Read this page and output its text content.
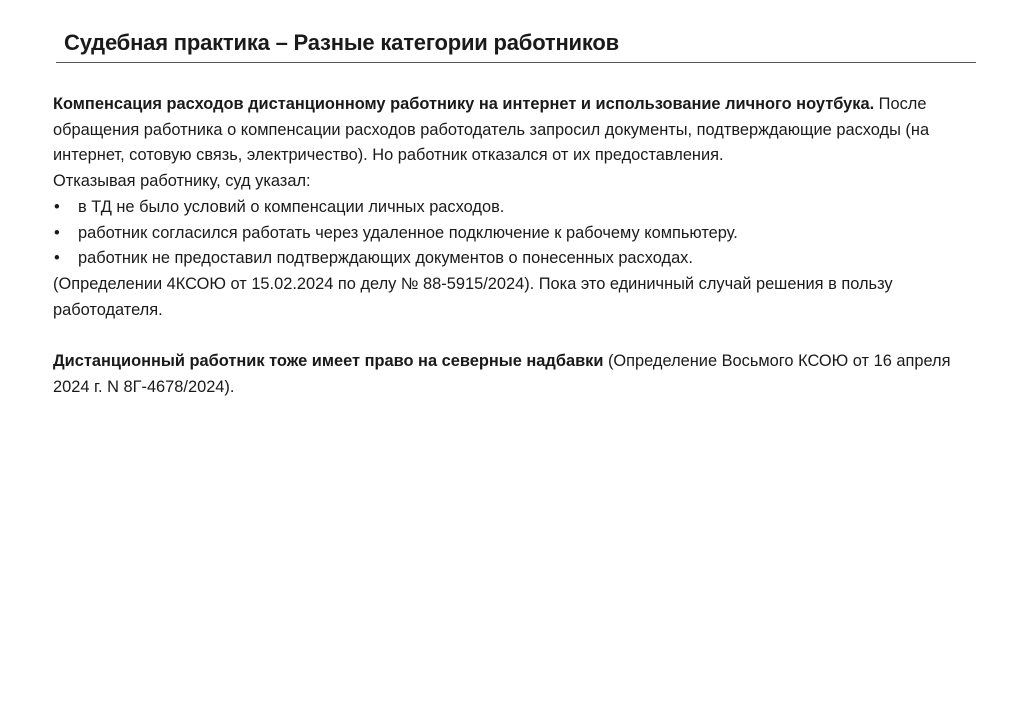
Судебная практика – Разные категории работников

Компенсация расходов дистанционному работнику на интернет и использование личного ноутбука. После обращения работника о компенсации расходов работодатель запросил документы, подтверждающие расходы (на интернет, сотовую связь, электричество). Но работник отказался от их предоставления.

Отказывая работнику, суд указал:

• в ТД не было условий о компенсации личных расходов.
• работник согласился работать через удаленное подключение к рабочему компьютеру.
• работник не предоставил подтверждающих документов о понесенных расходах.

(Определении 4КСОЮ от 15.02.2024 по делу № 88-5915/2024). Пока это единичный случай решения в пользу работодателя.

Дистанционный работник тоже имеет право на северные надбавки (Определение Восьмого КСОЮ от 16 апреля 2024 г. N 8Г-4678/2024).
